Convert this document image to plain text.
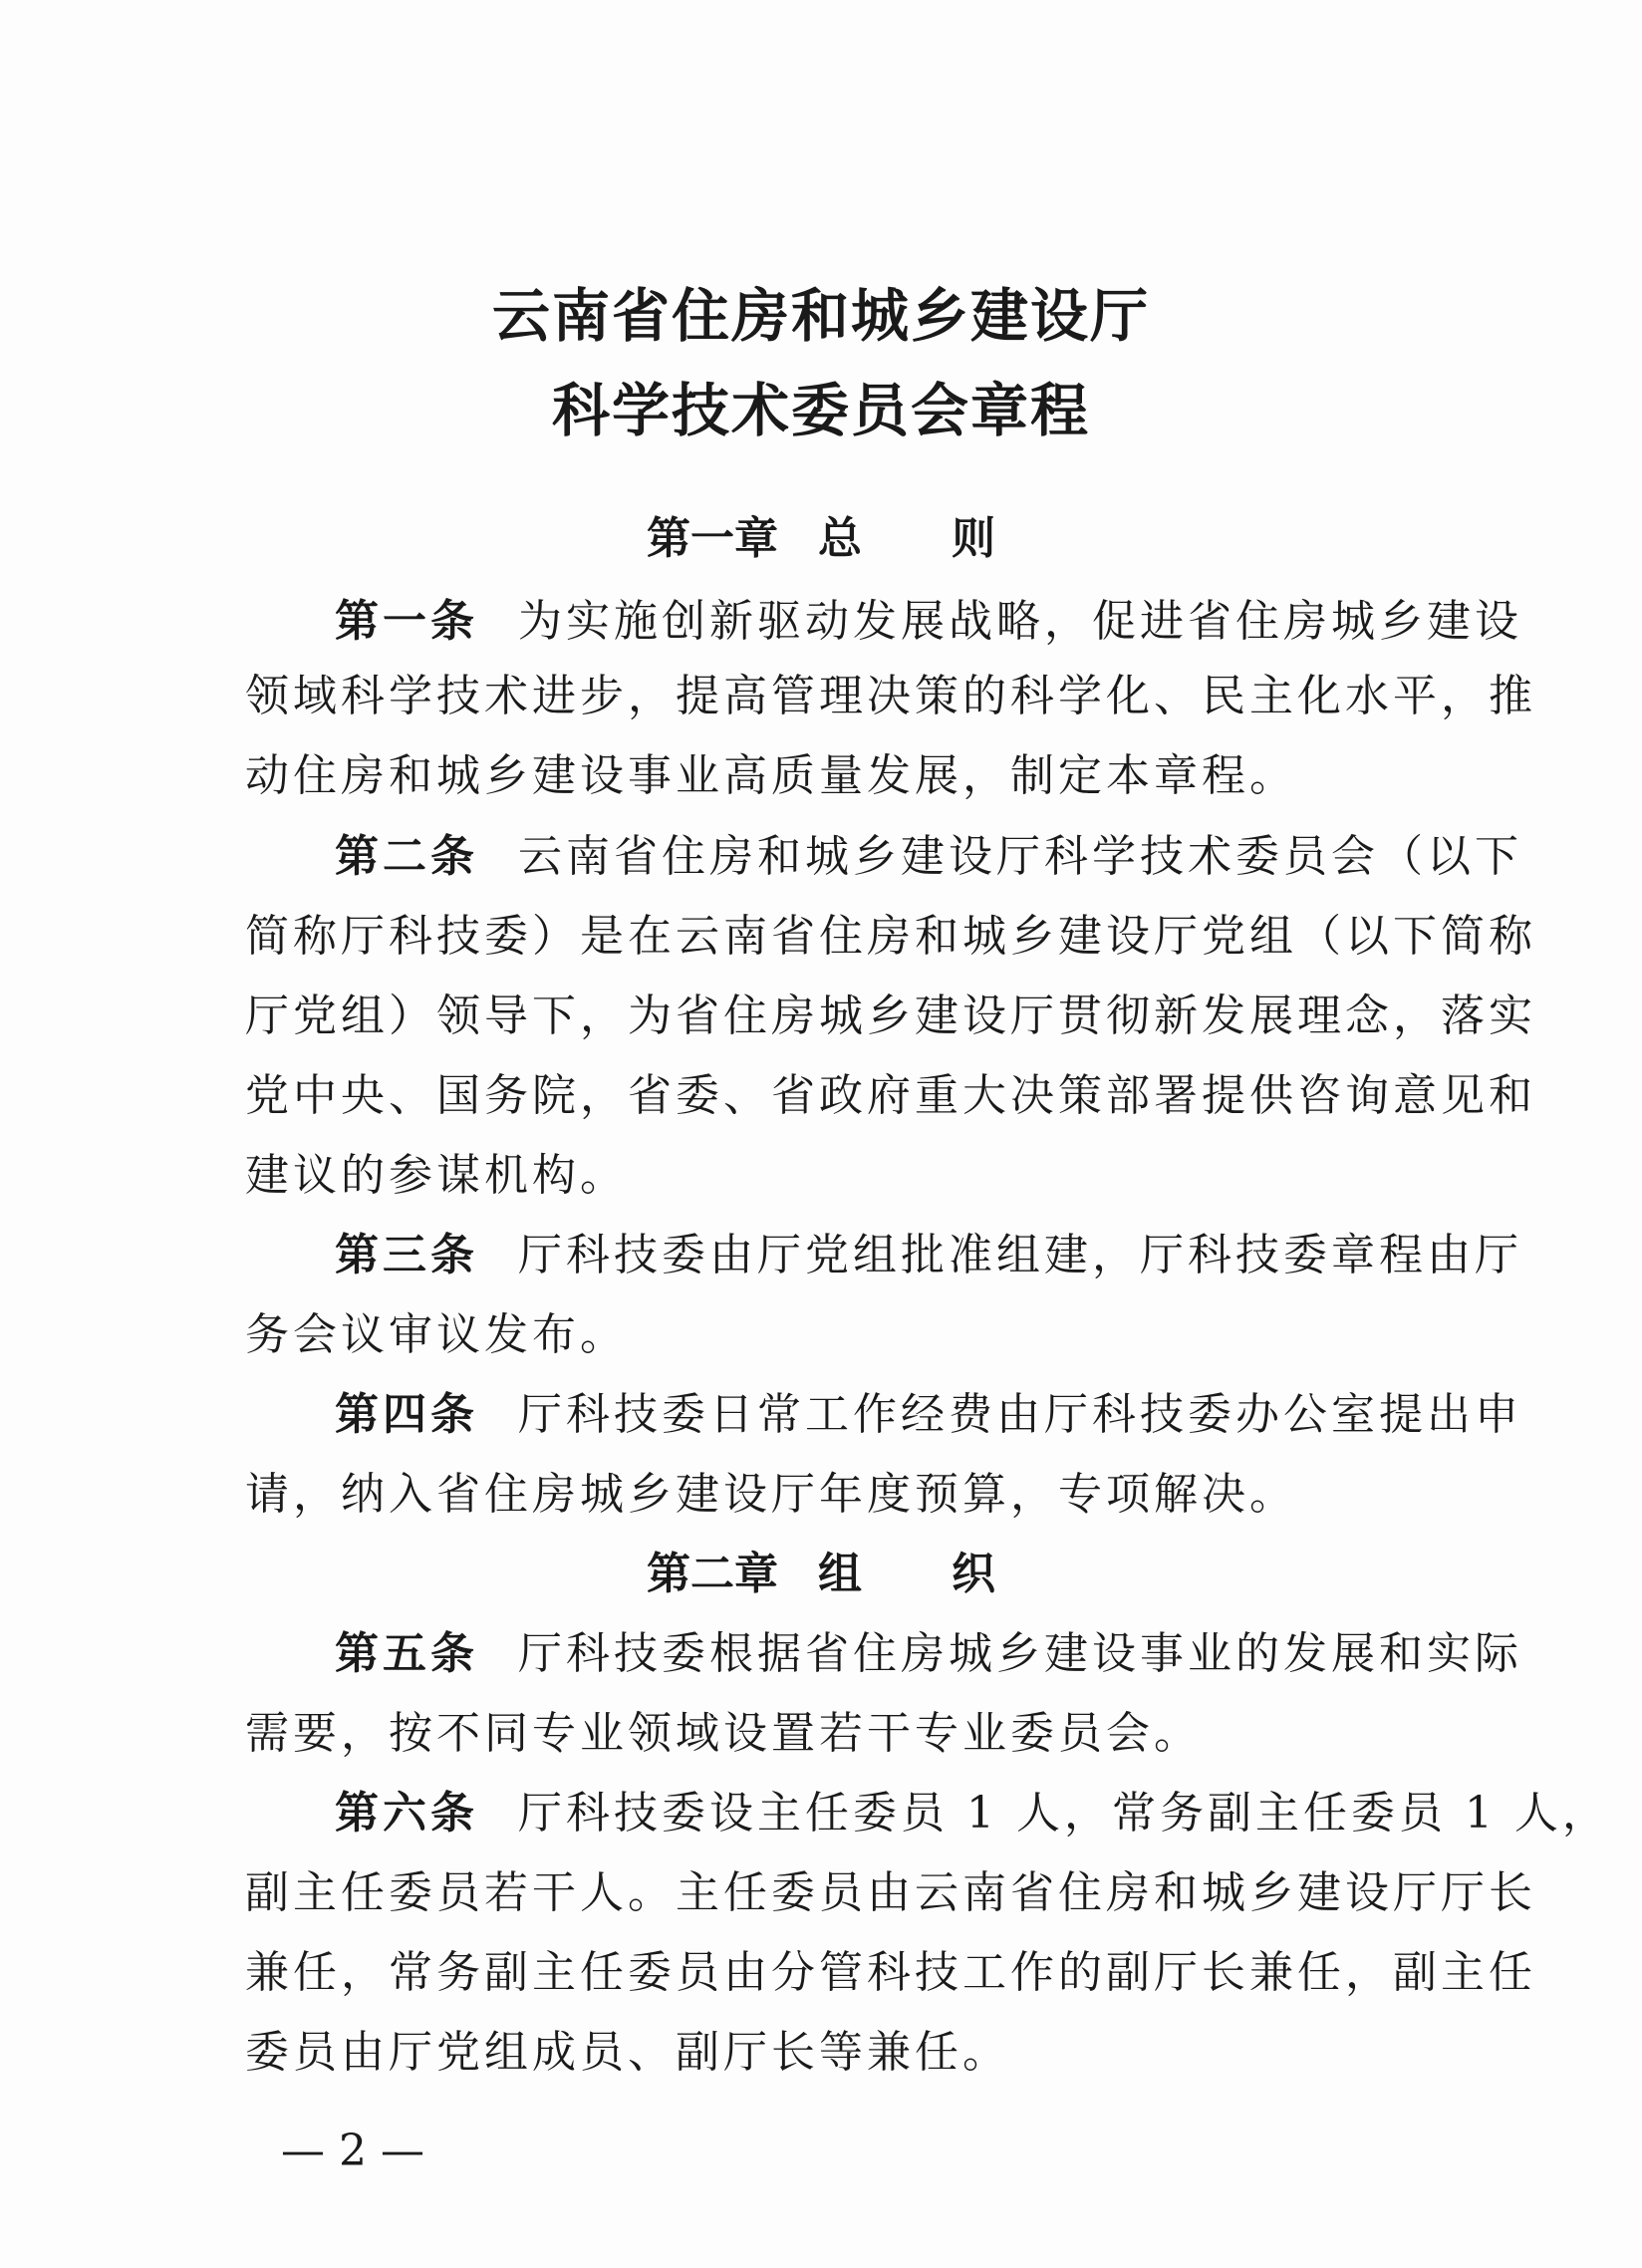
云南省住房和城乡建设厅
科学技术委员会章程
第一章 总 则
第一条 为实施创新驱动发展战略，促进省住房城乡建设
领域科学技术进步，提高管理决策的科学化、民主化水平，推
动住房和城乡建设事业高质量发展，制定本章程。
第二条 云南省住房和城乡建设厅科学技术委员会（以下
简称厅科技委）是在云南省住房和城乡建设厅党组（以下简称
厅党组）领导下，为省住房城乡建设厅贯彻新发展理念，落实
党中央、国务院，省委、省政府重大决策部署提供咨询意见和
建议的参谋机构。
第三条 厅科技委由厅党组批准组建，厅科技委章程由厅
务会议审议发布。
第四条 厅科技委日常工作经费由厅科技委办公室提出申
请，纳入省住房城乡建设厅年度预算，专项解决。
第二章 组 织
第五条 厅科技委根据省住房城乡建设事业的发展和实际
需要，按不同专业领域设置若干专业委员会。
第六条 厅科技委设主任委员 1 人，常务副主任委员 1 人，
副主任委员若干人。主任委员由云南省住房和城乡建设厅厅长
兼任，常务副主任委员由分管科技工作的副厅长兼任，副主任
委员由厅党组成员、副厅长等兼任。
— 2 —
